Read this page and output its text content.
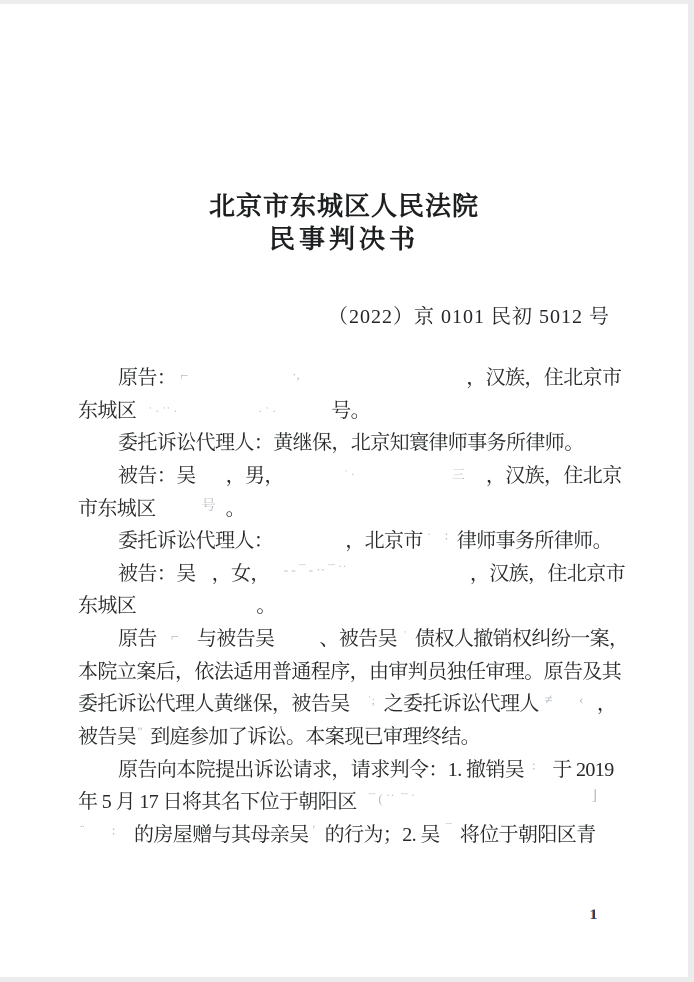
北京市东城区人民法院
民事判决书
（2022）京 0101 民初 5012 号
原告： ⌐	·,	，汉族，住北京市
东城区 ˙ · ˙˙ ·	· ˙ ·	号。
委托诉讼代理人：黄继保，北京知寰律师事务所律师。
被告：吴 ，男，	˙ ·	三 ，汉族，住北京
市东城区	号 。
委托诉讼代理人：	，北京市 ˙ ∶ 律师事务所律师。
被告：吴 ，女， - - ¯ - ·· ¯ ˙˙	，汉族，住北京市
东城区	。
原告 ⌐ 与被告吴 、被告吴 ˙ 债权人撤销权纠纷一案，
本院立案后，依法适用普通程序，由审判员独任审理。原告及其
委托诉讼代理人黄继保，被告吴 ˙; 之委托诉讼代理人 ≠ ‹ ，
被告吴 ” 到庭参加了诉讼。本案现已审理终结。
原告向本院提出诉讼请求，请求判令：1. 撤销吴 ∶ 于 2019
年 5 月 17 日将其名下位于朝阳区 ¯ ( ˙˙  ¯ ˙	⌋
¨ ∶ 的房屋赠与其母亲吴 ' 的行为；2. 吴 ¯ 将位于朝阳区青
1
